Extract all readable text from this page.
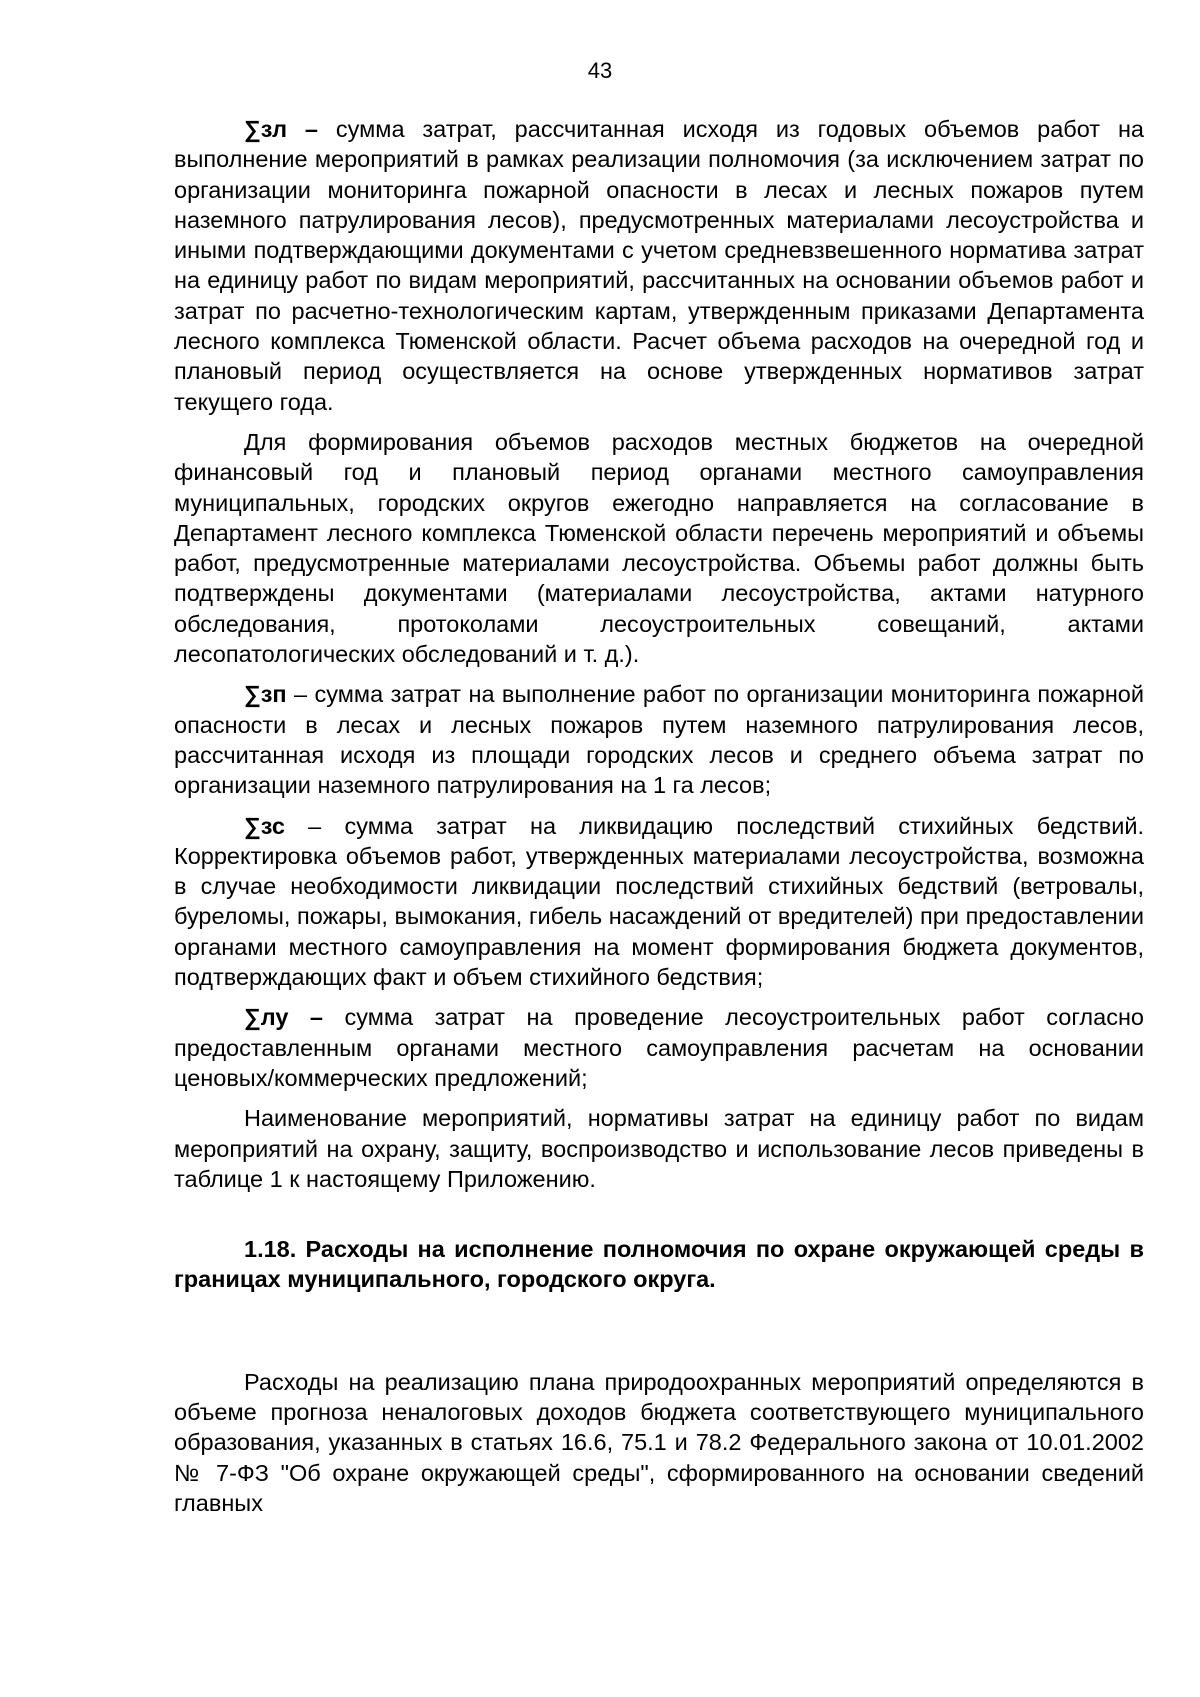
43

∑зл – сумма затрат, рассчитанная исходя из годовых объемов работ на выполнение мероприятий в рамках реализации полномочия (за исключением затрат по организации мониторинга пожарной опасности в лесах и лесных пожаров путем наземного патрулирования лесов), предусмотренных материалами лесоустройства и иными подтверждающими документами с учетом средневзвешенного норматива затрат на единицу работ по видам мероприятий, рассчитанных на основании объемов работ и затрат по расчетно-технологическим картам, утвержденным приказами Департамента лесного комплекса Тюменской области. Расчет объема расходов на очередной год и плановый период осуществляется на основе утвержденных нормативов затрат текущего года.

Для формирования объемов расходов местных бюджетов на очередной финансовый год и плановый период органами местного самоуправления муниципальных, городских округов ежегодно направляется на согласование в Департамент лесного комплекса Тюменской области перечень мероприятий и объемы работ, предусмотренные материалами лесоустройства. Объемы работ должны быть подтверждены документами (материалами лесоустройства, актами натурного обследования, протоколами лесоустроительных совещаний, актами лесопатологических обследований и т. д.).

∑зп – сумма затрат на выполнение работ по организации мониторинга пожарной опасности в лесах и лесных пожаров путем наземного патрулирования лесов, рассчитанная исходя из площади городских лесов и среднего объема затрат по организации наземного патрулирования на 1 га лесов;

∑зс – сумма затрат на ликвидацию последствий стихийных бедствий. Корректировка объемов работ, утвержденных материалами лесоустройства, возможна в случае необходимости ликвидации последствий стихийных бедствий (ветровалы, буреломы, пожары, вымокания, гибель насаждений от вредителей) при предоставлении органами местного самоуправления на момент формирования бюджета документов, подтверждающих факт и объем стихийного бедствия;

∑лу – сумма затрат на проведение лесоустроительных работ согласно предоставленным органами местного самоуправления расчетам на основании ценовых/коммерческих предложений;

Наименование мероприятий, нормативы затрат на единицу работ по видам мероприятий на охрану, защиту, воспроизводство и использование лесов приведены в таблице 1 к настоящему Приложению.

1.18. Расходы на исполнение полномочия по охране окружающей среды в границах муниципального, городского округа.

Расходы на реализацию плана природоохранных мероприятий определяются в объеме прогноза неналоговых доходов бюджета соответствующего муниципального образования, указанных в статьях 16.6, 75.1 и 78.2 Федерального закона от 10.01.2002 № 7-ФЗ "Об охране окружающей среды", сформированного на основании сведений главных
